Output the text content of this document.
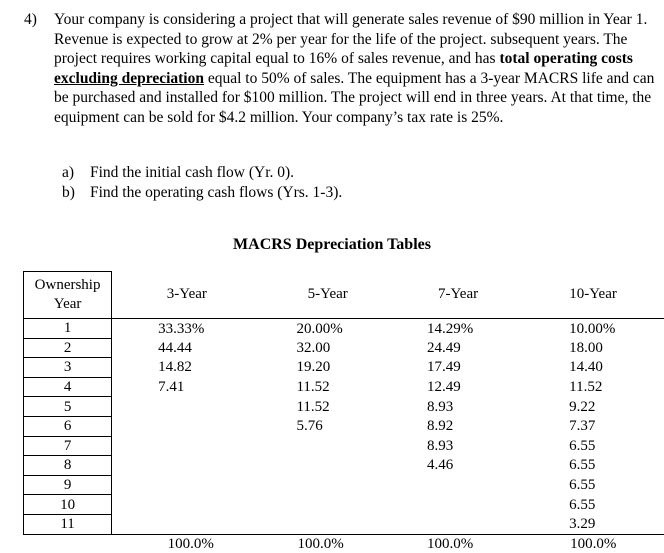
4) Your company is considering a project that will generate sales revenue of $90 million in Year 1. Revenue is expected to grow at 2% per year for the life of the project. subsequent years. The project requires working capital equal to 16% of sales revenue, and has total operating costs excluding depreciation equal to 50% of sales. The equipment has a 3-year MACRS life and can be purchased and installed for $100 million. The project will end in three years. At that time, the equipment can be sold for $4.2 million. Your company’s tax rate is 25%.
a) Find the initial cash flow (Yr. 0).
b) Find the operating cash flows (Yrs. 1-3).
MACRS Depreciation Tables
Ownership
Year	3-Year	5-Year	7-Year	10-Year
1	33.33%	20.00%	14.29%	10.00%
2	44.44	32.00	24.49	18.00
3	14.82	19.20	17.49	14.40
4	7.41	11.52	12.49	11.52
5		11.52	8.93	9.22
6		5.76	8.92	7.37
7			8.93	6.55
8			4.46	6.55
9				6.55
10				6.55
11				3.29
	100.0%	100.0%	100.0%	100.0%
